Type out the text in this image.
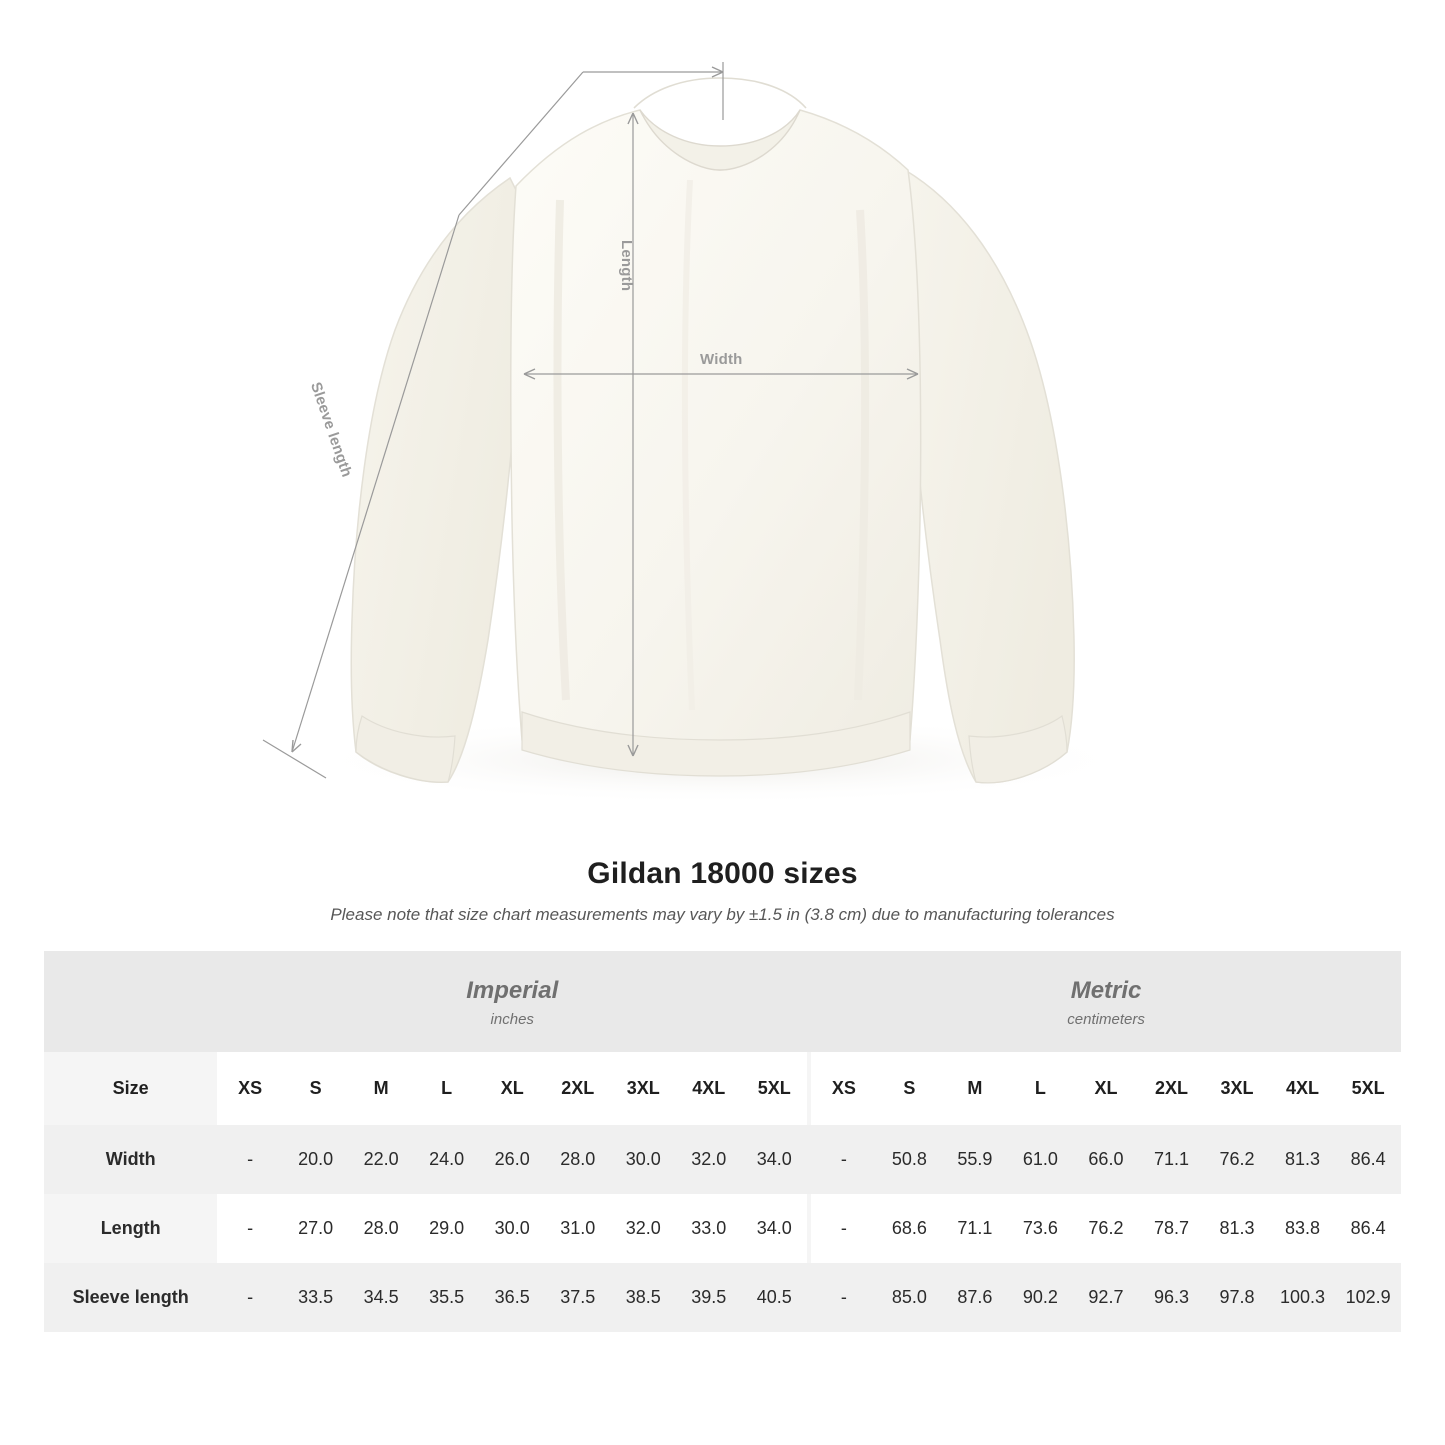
Width
Length
Sleeve length
Gildan 18000 sizes
Please note that size chart measurements may vary by ±1.5 in (3.8 cm) due to manufacturing tolerances

Imperial
inches

Metric
centimeters

Size	XS	S	M	L	XL	2XL	3XL	4XL	5XL		XS	S	M	L	XL	2XL	3XL	4XL	5XL
Width	-	20.0	22.0	24.0	26.0	28.0	30.0	32.0	34.0		-	50.8	55.9	61.0	66.0	71.1	76.2	81.3	86.4
Length	-	27.0	28.0	29.0	30.0	31.0	32.0	33.0	34.0		-	68.6	71.1	73.6	76.2	78.7	81.3	83.8	86.4
Sleeve length	-	33.5	34.5	35.5	36.5	37.5	38.5	39.5	40.5		-	85.0	87.6	90.2	92.7	96.3	97.8	100.3	102.9
